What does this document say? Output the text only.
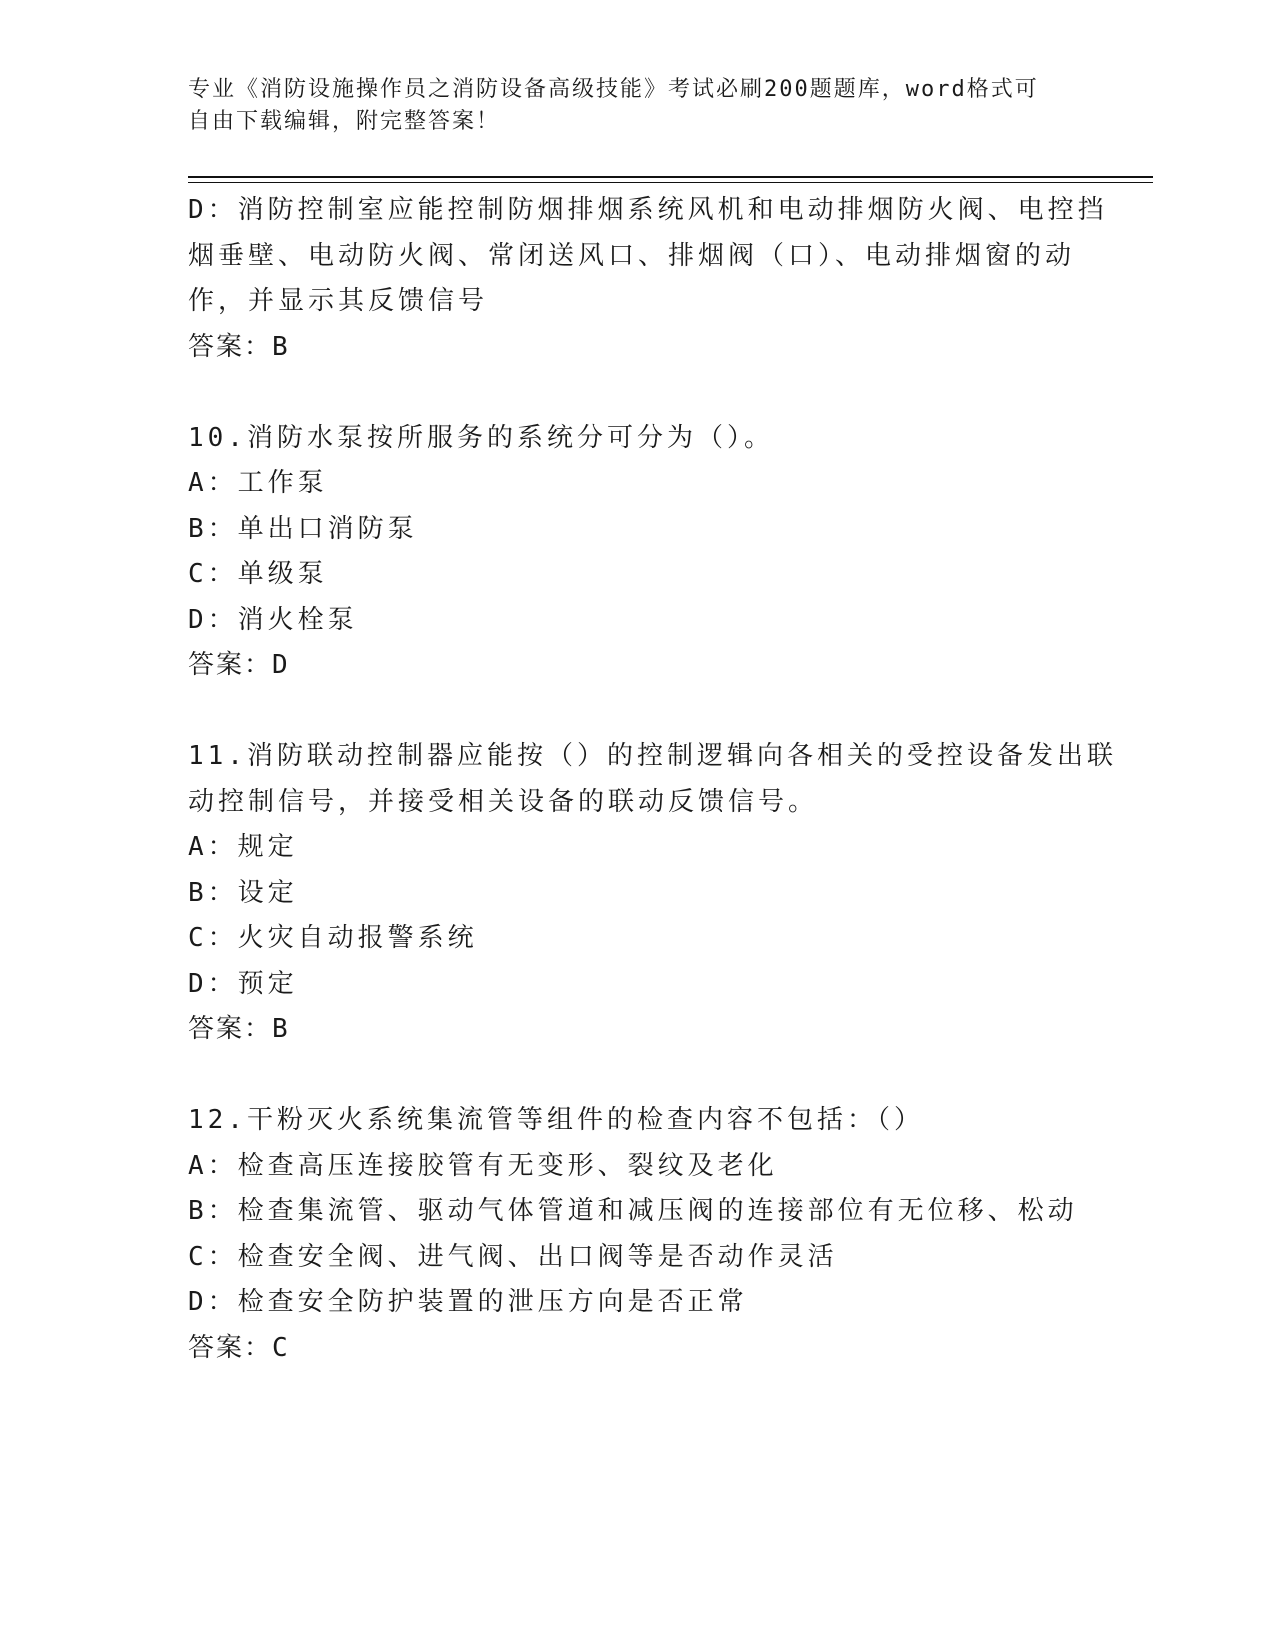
专业《消防设施操作员之消防设备高级技能》考试必刷200题题库，word格式可
自由下载编辑，附完整答案！
D：消防控制室应能控制防烟排烟系统风机和电动排烟防火阀、电控挡
烟垂壁、电动防火阀、常闭送风口、排烟阀（口）、电动排烟窗的动
作，并显示其反馈信号
答案：B
10.消防水泵按所服务的系统分可分为（）。
A：工作泵
B：单出口消防泵
C：单级泵
D：消火栓泵
答案：D
11.消防联动控制器应能按（）的控制逻辑向各相关的受控设备发出联
动控制信号，并接受相关设备的联动反馈信号。
A：规定
B：设定
C：火灾自动报警系统
D：预定
答案：B
12.干粉灭火系统集流管等组件的检查内容不包括：（）
A：检查高压连接胶管有无变形、裂纹及老化
B：检查集流管、驱动气体管道和减压阀的连接部位有无位移、松动
C：检查安全阀、进气阀、出口阀等是否动作灵活
D：检查安全防护装置的泄压方向是否正常
答案：C
